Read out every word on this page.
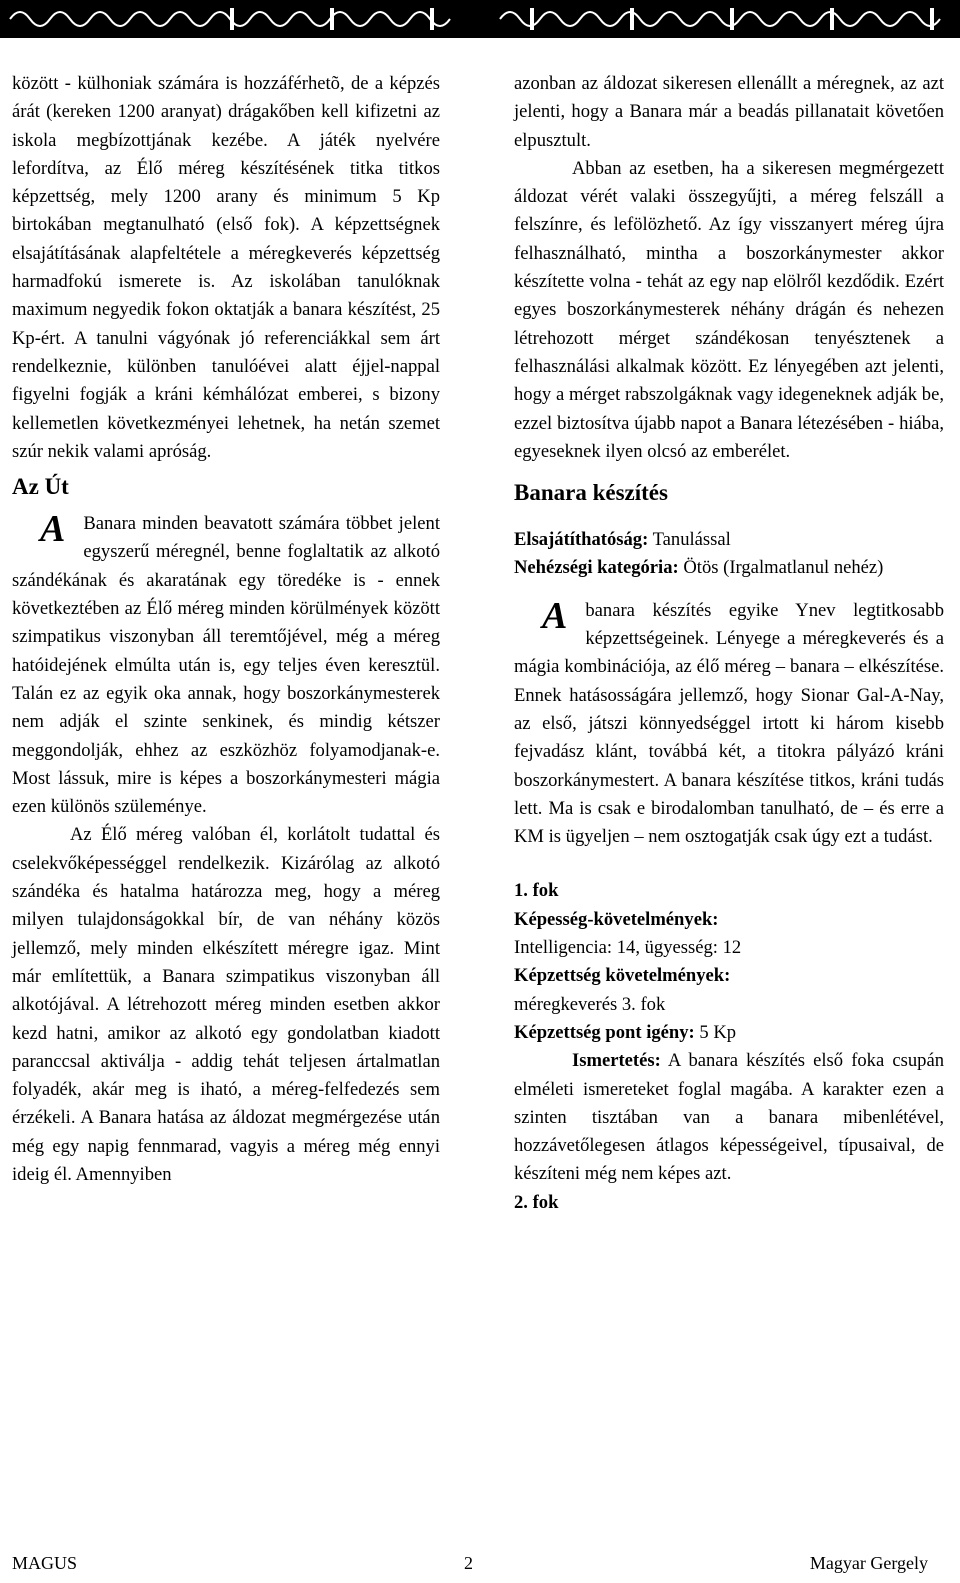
között - külhoniak számára is hozzáférhetõ, de a képzés árát (kereken 1200 aranyat) drágakőben kell kifizetni az iskola megbízottjának kezébe. A játék nyelvére lefordítva, az Élő méreg készítésének titka titkos képzettség, mely 1200 arany és minimum 5 Kp birtokában megtanulható (első fok). A képzettségnek elsajátításának alapfeltétele a méregkeverés képzettség harmadfokú ismerete is. Az iskolában tanulóknak maximum negyedik fokon oktatják a banara készítést, 25 Kp-ért. A tanulni vágyónak jó referenciákkal sem árt rendelkeznie, különben tanulóévei alatt éjjel-nappal figyelni fogják a kráni kémhálózat emberei, s bizony kellemetlen következményei lehetnek, ha netán szemet szúr nekik valami apróság.

Az Út

A Banara minden beavatott számára többet jelent egyszerű méregnél, benne foglaltatik az alkotó szándékának és akaratának egy töredéke is - ennek következtében az Élő méreg minden körülmények között szimpatikus viszonyban áll teremtőjével, még a méreg hatóidejének elmúlta után is, egy teljes éven keresztül. Talán ez az egyik oka annak, hogy boszorkánymesterek nem adják el szinte senkinek, és mindig kétszer meggondolják, ehhez az eszközhöz folyamodjanak-e. Most lássuk, mire is képes a boszorkánymesteri mágia ezen különös szüleménye.

Az Élő méreg valóban él, korlátolt tudattal és cselekvőképességgel rendelkezik. Kizárólag az alkotó szándéka és hatalma határozza meg, hogy a méreg milyen tulajdonságokkal bír, de van néhány közös jellemző, mely minden elkészített méregre igaz. Mint már említettük, a Banara szimpatikus viszonyban áll alkotójával. A létrehozott méreg minden esetben akkor kezd hatni, amikor az alkotó egy gondolatban kiadott paranccsal aktiválja - addig tehát teljesen ártalmatlan folyadék, akár meg is iható, a méreg-felfedezés sem érzékeli. A Banara hatása az áldozat megmérgezése után még egy napig fennmarad, vagyis a méreg még ennyi ideig él. Amennyiben

azonban az áldozat sikeresen ellenállt a méregnek, az azt jelenti, hogy a Banara már a beadás pillanatait követően elpusztult.

Abban az esetben, ha a sikeresen megmérgezett áldozat vérét valaki összegyűjti, a méreg felszáll a felszínre, és lefölözhető. Az így visszanyert méreg újra felhasználható, mintha a boszorkánymester akkor készítette volna - tehát az egy nap elölről kezdődik. Ezért egyes boszorkánymesterek néhány drágán és nehezen létrehozott mérget szándékosan tenyésztenek a felhasználási alkalmak között. Ez lényegében azt jelenti, hogy a mérget rabszolgáknak vagy idegeneknek adják be, ezzel biztosítva újabb napot a Banara létezésében - hiába, egyeseknek ilyen olcsó az emberélet.

Banara készítés

Elsajátíthatóság: Tanulással

Nehézségi kategória: Ötös (Irgalmatlanul nehéz)

A banara készítés egyike Ynev legtitkosabb képzettségeinek. Lényege a méregkeverés és a mágia kombinációja, az élő méreg – banara – elkészítése. Ennek hatásosságára jellemző, hogy Sionar Gal-A-Nay, az első, játszi könnyedséggel irtott ki három kisebb fejvadász klánt, továbbá két, a titokra pályázó kráni boszorkánymestert. A banara készítése titkos, kráni tudás lett. Ma is csak e birodalomban tanulható, de – és erre a KM is ügyeljen – nem osztogatják csak úgy ezt a tudást.

1. fok

Képesség-követelmények:

Intelligencia: 14, ügyesség: 12

Képzettség követelmények:

méregkeverés 3. fok

Képzettség pont igény: 5 Kp

Ismertetés: A banara készítés első foka csupán elméleti ismereteket foglal magába. A karakter ezen a szinten tisztában van a banara mibenlétével, hozzávetőlegesen átlagos képességeivel, típusaival, de készíteni még nem képes azt.

2. fok

MAGUS	2	Magyar Gergely
